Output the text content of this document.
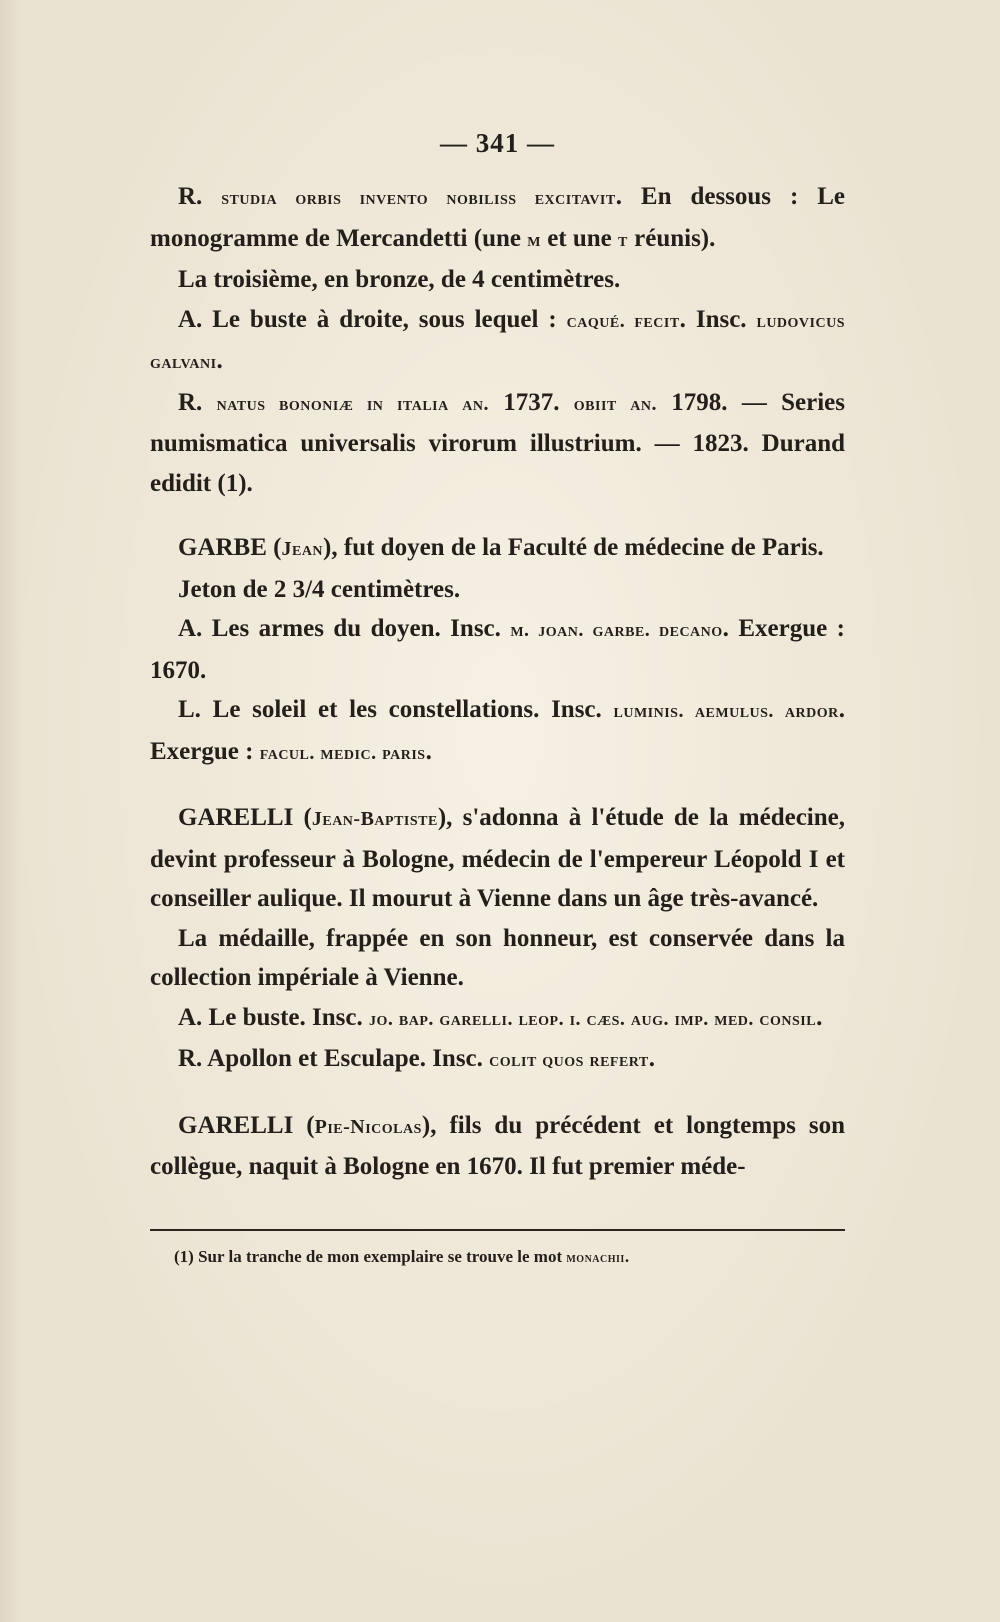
— 341 —

R. studia orbis invento nobiliss excitavit. En dessous : Le monogramme de Mercandetti (une m et une t réunis).

La troisième, en bronze, de 4 centimètres.

A. Le buste à droite, sous lequel : caqué. fecit. Insc. ludovicus galvani.

R. natus bononiæ in italia an. 1737. obiit an. 1798. — Series numismatica universalis virorum illustrium. — 1823. Durand edidit (1).

GARBE (Jean), fut doyen de la Faculté de médecine de Paris.

Jeton de 2 3/4 centimètres.

A. Les armes du doyen. Insc. m. joan. garbe. decano. Exergue : 1670.

L. Le soleil et les constellations. Insc. luminis. aemulus. ardor. Exergue : facul. medic. paris.

GARELLI (Jean-Baptiste), s'adonna à l'étude de la médecine, devint professeur à Bologne, médecin de l'empereur Léopold I et conseiller aulique. Il mourut à Vienne dans un âge très-avancé.

La médaille, frappée en son honneur, est conservée dans la collection impériale à Vienne.

A. Le buste. Insc. jo. bap. garelli. leop. i. cæs. aug. imp. med. consil.

R. Apollon et Esculape. Insc. colit quos refert.

GARELLI (Pie-Nicolas), fils du précédent et longtemps son collègue, naquit à Bologne en 1670. Il fut premier méde-

(1) Sur la tranche de mon exemplaire se trouve le mot monachii.
